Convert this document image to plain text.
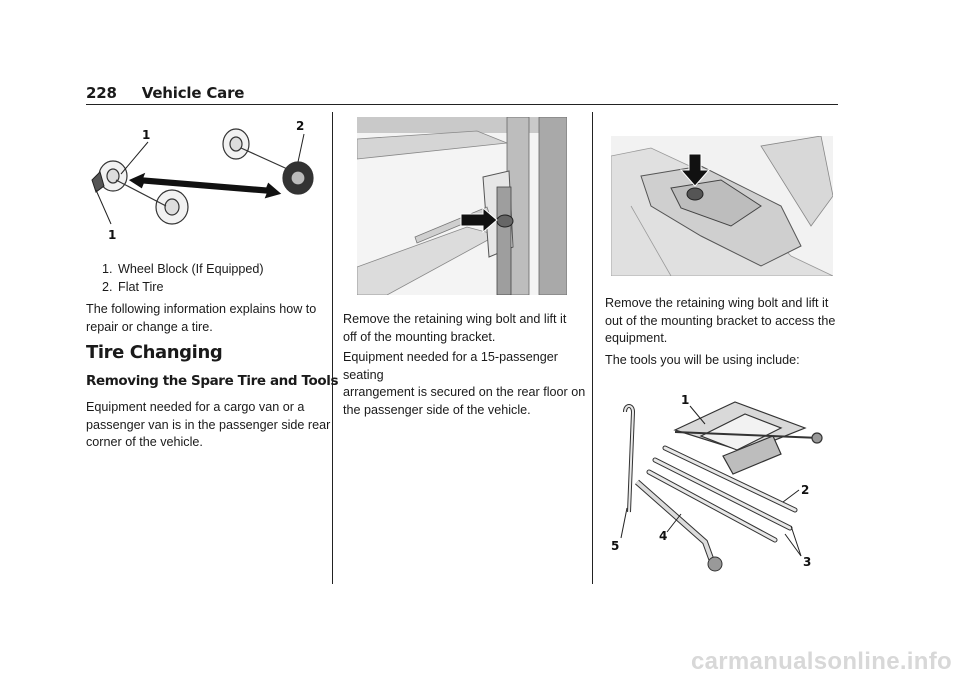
228 Vehicle Care
1
2
1
1. Wheel Block (If Equipped)
2. Flat Tire
The following information explains how to repair or change a tire.
Tire Changing
Removing the Spare Tire and Tools

Equipment needed for a cargo van or a

passenger van is in the passenger side rear

corner of the vehicle.

Remove the retaining wing bolt and lift it

off of the mounting bracket.

Equipment needed for a 15-passenger seating

arrangement is secured on the rear floor on

the passenger side of the vehicle.

Remove the retaining wing bolt and lift it

out of the mounting bracket to access the

equipment.

The tools you will be using include:
1
2
3
4
5
carmanualsonline.info
